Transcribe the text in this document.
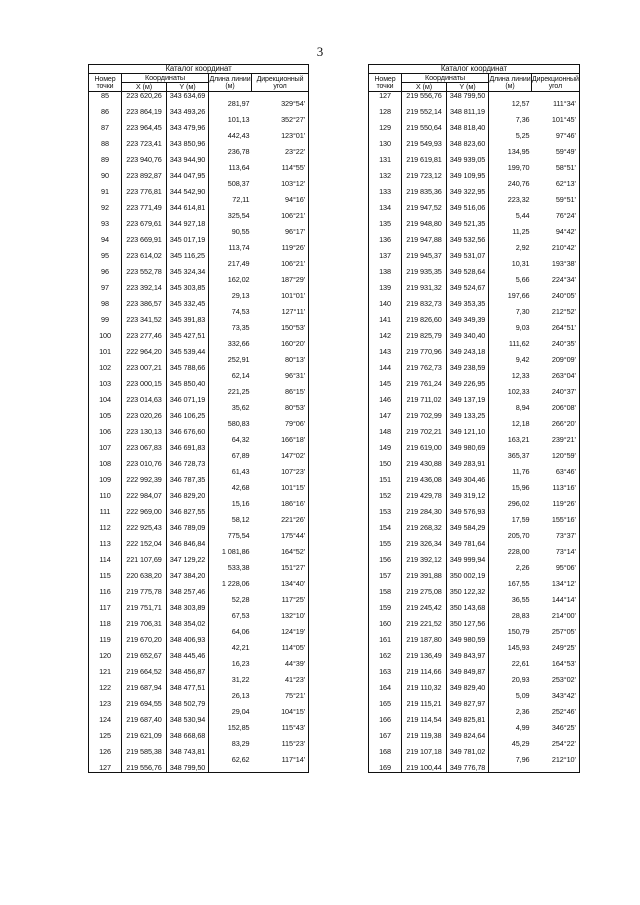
3
Каталог координат				
Номер точки	Координаты		Длина линии (м)	Дирекционный угол
	X (м)	Y (м)		
85	223 620,26	343 634,69		
			281,97	329°54'
86	223 864,19	343 493,26		
			101,13	352°27'
87	223 964,45	343 479,96		
			442,43	123°01'
88	223 723,41	343 850,96		
			236,78	23°22'
89	223 940,76	343 944,90		
			113,64	114°55'
90	223 892,87	344 047,95		
			508,37	103°12'
91	223 776,81	344 542,90		
			72,11	94°16'
92	223 771,49	344 614,81		
			325,54	106°21'
93	223 679,61	344 927,18		
			90,55	96°17'
94	223 669,91	345 017,19		
			113,74	119°26'
95	223 614,02	345 116,25		
			217,49	106°21'
96	223 552,78	345 324,34		
			162,02	187°29'
97	223 392,14	345 303,85		
			29,13	101°01'
98	223 386,57	345 332,45		
			74,53	127°11'
99	223 341,52	345 391,83		
			73,35	150°53'
100	223 277,46	345 427,51		
			332,66	160°20'
101	222 964,20	345 539,44		
			252,91	80°13'
102	223 007,21	345 788,66		
			62,14	96°31'
103	223 000,15	345 850,40		
			221,25	86°15'
104	223 014,63	346 071,19		
			35,62	80°53'
105	223 020,26	346 106,25		
			580,83	79°06'
106	223 130,13	346 676,60		
			64,32	166°18'
107	223 067,83	346 691,83		
			67,89	147°02'
108	223 010,76	346 728,73		
			61,43	107°23'
109	222 992,39	346 787,35		
			42,68	101°15'
110	222 984,07	346 829,20		
			15,16	186°16'
111	222 969,00	346 827,55		
			58,12	221°26'
112	222 925,43	346 789,09		
			775,54	175°44'
113	222 152,04	346 846,84		
			1 081,86	164°52'
114	221 107,69	347 129,22		
			533,38	151°27'
115	220 638,20	347 384,20		
			1 228,06	134°40'
116	219 775,78	348 257,46		
			52,28	117°25'
117	219 751,71	348 303,89		
			67,53	132°10'
118	219 706,31	348 354,02		
			64,06	124°19'
119	219 670,20	348 406,93		
			42,21	114°05'
120	219 652,67	348 445,46		
			16,23	44°39'
121	219 664,52	348 456,87		
			31,22	41°23'
122	219 687,94	348 477,51		
			26,13	75°21'
123	219 694,55	348 502,79		
			29,04	104°15'
124	219 687,40	348 530,94		
			152,85	115°43'
125	219 621,09	348 668,68		
			83,29	115°23'
126	219 585,38	348 743,81		
			62,62	117°14'
127	219 556,76	348 799,50		
Каталог координат				
Номер точки	Координаты		Длина линии (м)	Дирекционный угол
	X (м)	Y (м)		
127	219 556,76	348 799,50		
			12,57	111°34'
128	219 552,14	348 811,19		
			7,36	101°45'
129	219 550,64	348 818,40		
			5,25	97°46'
130	219 549,93	348 823,60		
			134,95	59°49'
131	219 619,81	349 939,05		
			199,70	58°51'
132	219 723,12	349 109,95		
			240,76	62°13'
133	219 835,36	349 322,95		
			223,32	59°51'
134	219 947,52	349 516,06		
			5,44	76°24'
135	219 948,80	349 521,35		
			11,25	94°42'
136	219 947,88	349 532,56		
			2,92	210°42'
137	219 945,37	349 531,07		
			10,31	193°38'
138	219 935,35	349 528,64		
			5,66	224°34'
139	219 931,32	349 524,67		
			197,66	240°05'
140	219 832,73	349 353,35		
			7,30	212°52'
141	219 826,60	349 349,39		
			9,03	264°51'
142	219 825,79	349 340,40		
			111,62	240°35'
143	219 770,96	349 243,18		
			9,42	209°09'
144	219 762,73	349 238,59		
			12,33	263°04'
145	219 761,24	349 226,95		
			102,33	240°37'
146	219 711,02	349 137,19		
			8,94	206°08'
147	219 702,99	349 133,25		
			12,18	266°20'
148	219 702,21	349 121,10		
			163,21	239°21'
149	219 619,00	349 980,69		
			365,37	120°59'
150	219 430,88	349 283,91		
			11,76	63°46'
151	219 436,08	349 304,46		
			15,96	113°16'
152	219 429,78	349 319,12		
			296,02	119°26'
153	219 284,30	349 576,93		
			17,59	155°16'
154	219 268,32	349 584,29		
			205,70	73°37'
155	219 326,34	349 781,64		
			228,00	73°14'
156	219 392,12	349 999,94		
			2,26	95°06'
157	219 391,88	350 002,19		
			167,55	134°12'
158	219 275,08	350 122,32		
			36,55	144°14'
159	219 245,42	350 143,68		
			28,83	214°00'
160	219 221,52	350 127,56		
			150,79	257°05'
161	219 187,80	349 980,59		
			145,93	249°25'
162	219 136,49	349 843,97		
			22,61	164°53'
163	219 114,66	349 849,87		
			20,93	253°02'
164	219 110,32	349 829,40		
			5,09	343°42'
165	219 115,21	349 827,97		
			2,36	252°46'
166	219 114,54	349 825,81		
			4,99	346°25'
167	219 119,38	349 824,64		
			45,29	254°22'
168	219 107,18	349 781,02		
			7,96	212°10'
169	219 100,44	349 776,78		
